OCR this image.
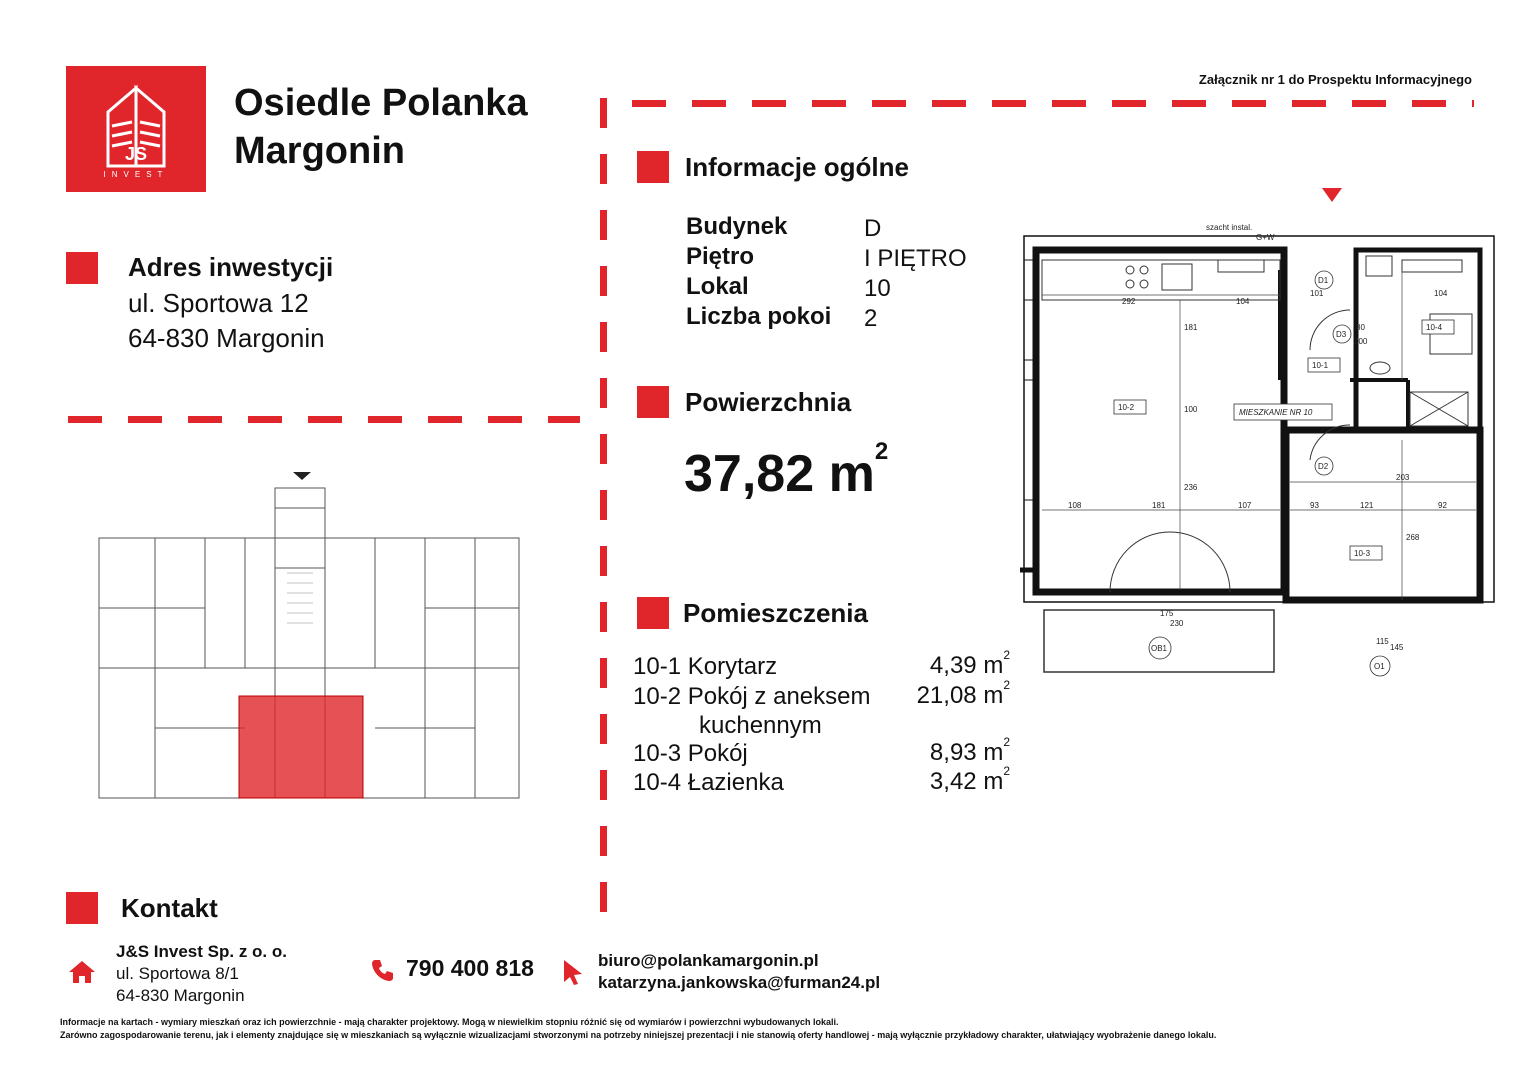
JS
INVEST
Osiedle Polanka
Margonin
Załącznik nr 1 do Prospektu Informacyjnego
Adres inwestycji
ul. Sportowa 12
64-830 Margonin
Informacje ogólne
Budynek	D
Piętro	I PIĘTRO
Lokal	10
Liczba pokoi 2
Powierzchnia
37,82 $m^2$
Pomieszczenia
10-1 Korytarz	4,39 $m^2$
10-2 Pokój z aneksem
kuchennym
21,08 $m^2$
10-3 Pokój	8,93 $m^2$
10-4 Łazienka	3,42 $m^2$
10-2
10-1
10-3
10-4
MIESZKANIE NR 10
D2
D1
D3
OB1
O1
szacht instal.
G+W
292	104
181
100
236
108	181	107	93	121	92
203
268
101	104
80
200
175
230
115
145
Kontakt
J&S Invest Sp. z o. o.
ul. Sportowa 8/1
64-830 Margonin
790 400 818	biuro@polankamargonin.pl
katarzyna.jankowska@furman24.pl
Informacje na kartach - wymiary mieszkań oraz ich powierzchnie - mają charakter projektowy. Mogą w niewielkim stopniu różnić się od wymiarów i powierzchni wybudowanych lokali.
Zarówno zagospodarowanie terenu, jak i elementy znajdujące się w mieszkaniach są wyłącznie wizualizacjami stworzonymi na potrzeby niniejszej prezentacji i nie stanowią oferty handlowej - mają wyłącznie przykładowy charakter, ułatwiający wyobrażenie danego lokalu.
